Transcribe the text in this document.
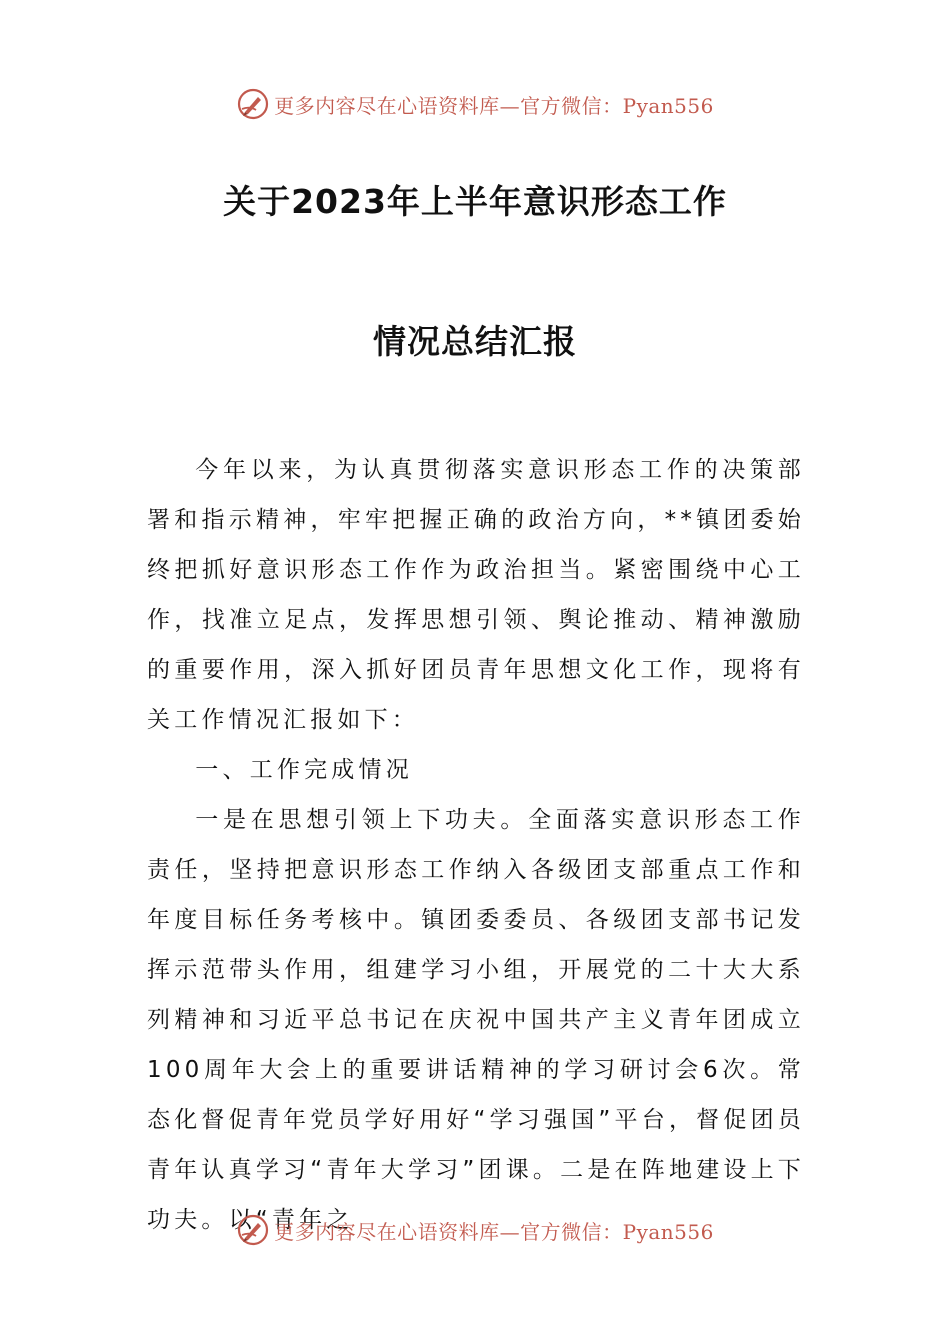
更多内容尽在心语资料库—官方微信：Pyan556
关于2023年上半年意识形态工作
情况总结汇报

今年以来，为认真贯彻落实意识形态工作的决策部署和指示精神，牢牢把握正确的政治方向，**镇团委始终把抓好意识形态工作作为政治担当。紧密围绕中心工作，找准立足点，发挥思想引领、舆论推动、精神激励的重要作用，深入抓好团员青年思想文化工作，现将有关工作情况汇报如下：

一、工作完成情况

一是在思想引领上下功夫。全面落实意识形态工作责任，坚持把意识形态工作纳入各级团支部重点工作和年度目标任务考核中。镇团委委员、各级团支部书记发挥示范带头作用，组建学习小组，开展党的二十大大系列精神和习近平总书记在庆祝中国共产主义青年团成立100周年大会上的重要讲话精神的学习研讨会6次。常态化督促青年党员学好用好“学习强国”平台，督促团员青年认真学习“青年大学习”团课。二是在阵地建设上下功夫。以“青年之

更多内容尽在心语资料库—官方微信：Pyan556
